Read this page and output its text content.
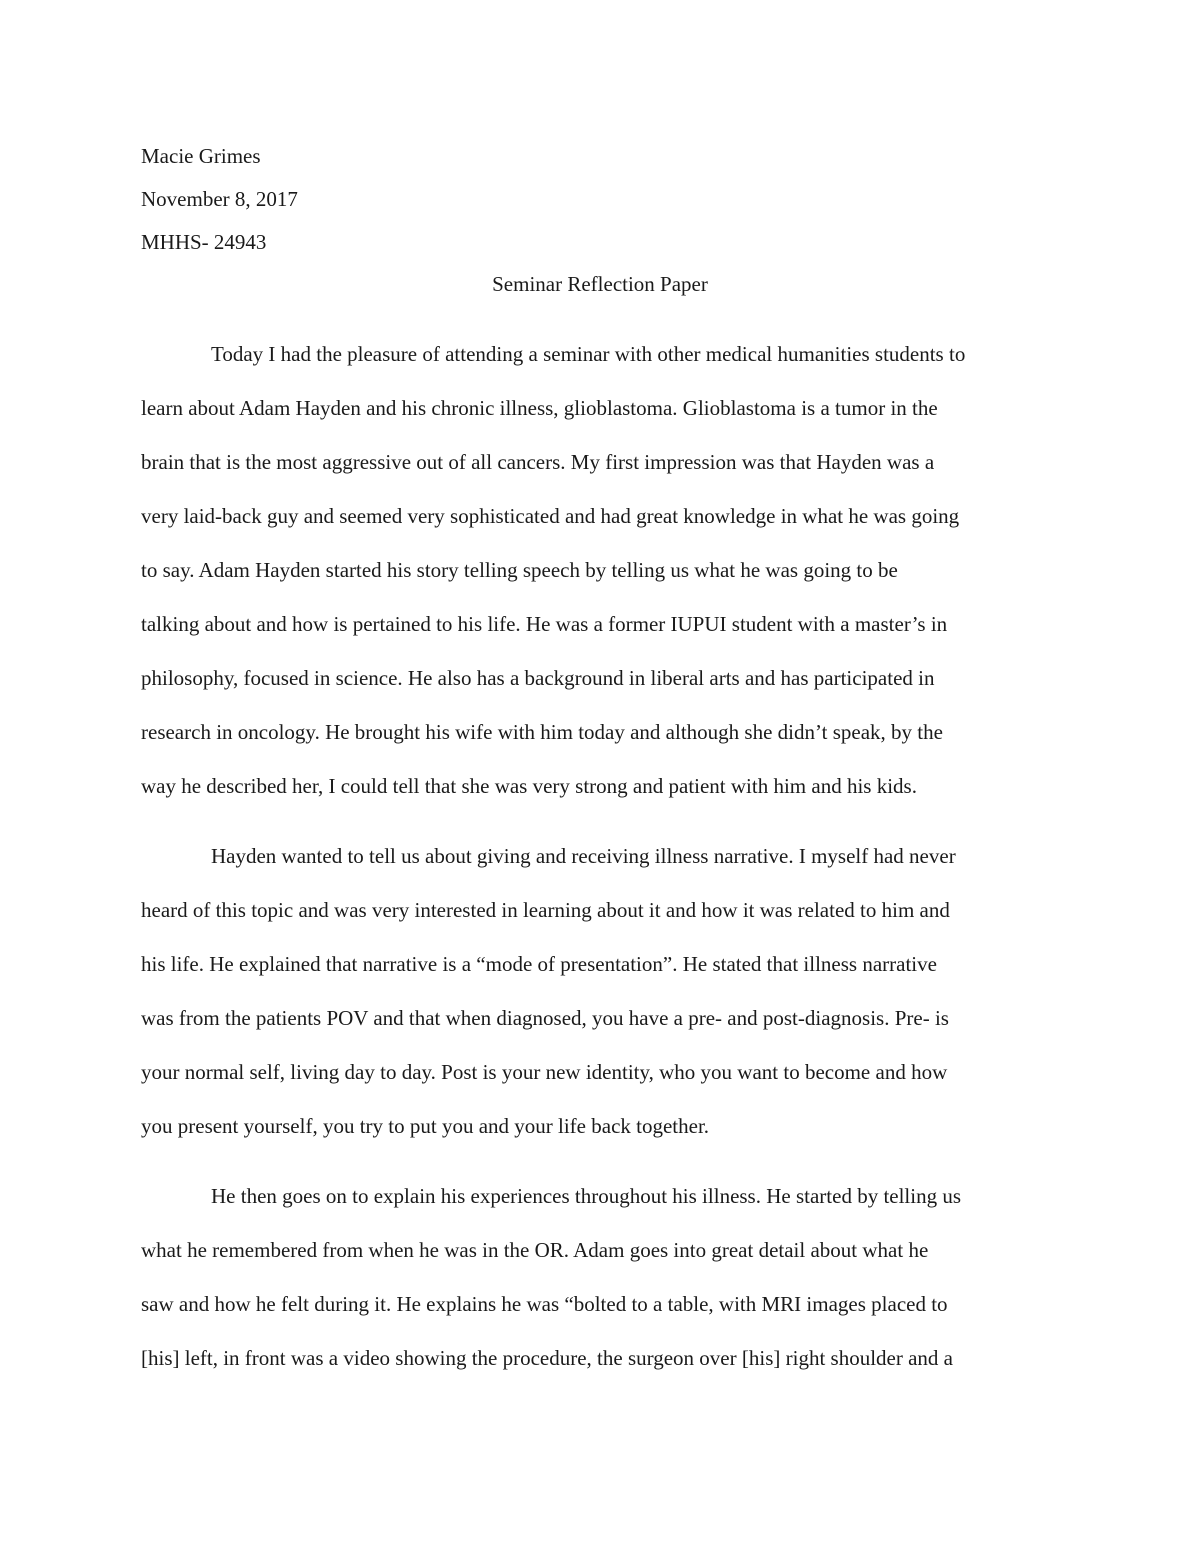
Macie Grimes
November 8, 2017
MHHS- 24943
Seminar Reflection Paper
Today I had the pleasure of attending a seminar with other medical humanities students to
learn about Adam Hayden and his chronic illness, glioblastoma. Glioblastoma is a tumor in the
brain that is the most aggressive out of all cancers. My first impression was that Hayden was a
very laid-back guy and seemed very sophisticated and had great knowledge in what he was going
to say. Adam Hayden started his story telling speech by telling us what he was going to be
talking about and how is pertained to his life. He was a former IUPUI student with a master’s in
philosophy, focused in science. He also has a background in liberal arts and has participated in
research in oncology. He brought his wife with him today and although she didn’t speak, by the
way he described her, I could tell that she was very strong and patient with him and his kids.
Hayden wanted to tell us about giving and receiving illness narrative. I myself had never
heard of this topic and was very interested in learning about it and how it was related to him and
his life. He explained that narrative is a “mode of presentation”. He stated that illness narrative
was from the patients POV and that when diagnosed, you have a pre- and post-diagnosis. Pre- is
your normal self, living day to day. Post is your new identity, who you want to become and how
you present yourself, you try to put you and your life back together.
He then goes on to explain his experiences throughout his illness. He started by telling us
what he remembered from when he was in the OR. Adam goes into great detail about what he
saw and how he felt during it. He explains he was “bolted to a table, with MRI images placed to
[his] left, in front was a video showing the procedure, the surgeon over [his] right shoulder and a
